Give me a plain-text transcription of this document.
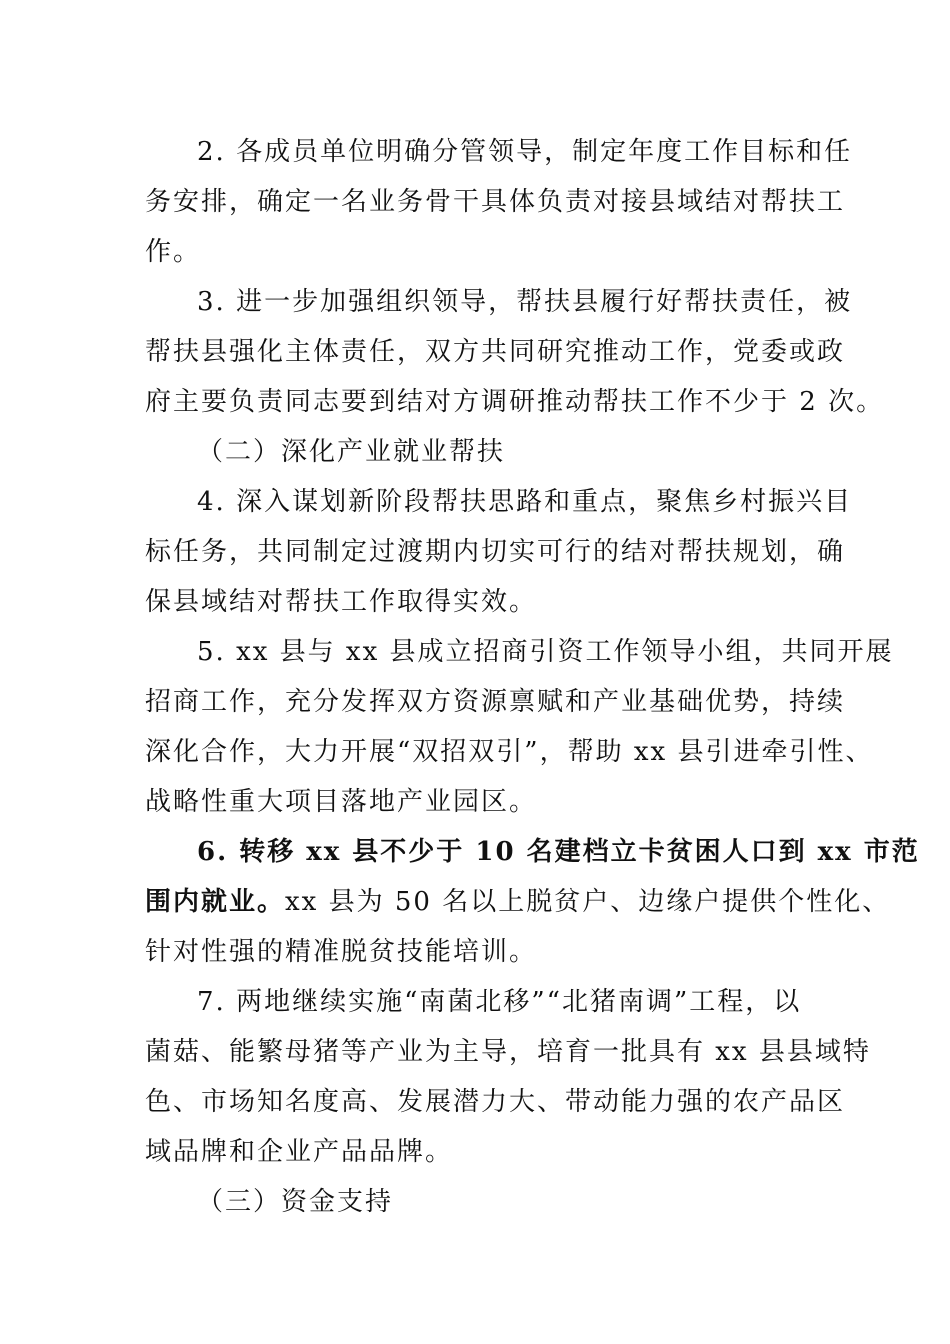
2. 各成员单位明确分管领导，制定年度工作目标和任
务安排，确定一名业务骨干具体负责对接县域结对帮扶工
作。
3. 进一步加强组织领导，帮扶县履行好帮扶责任，被
帮扶县强化主体责任，双方共同研究推动工作，党委或政
府主要负责同志要到结对方调研推动帮扶工作不少于 2 次。
（二）深化产业就业帮扶
4. 深入谋划新阶段帮扶思路和重点，聚焦乡村振兴目
标任务，共同制定过渡期内切实可行的结对帮扶规划，确
保县域结对帮扶工作取得实效。
5. xx 县与 xx 县成立招商引资工作领导小组，共同开展
招商工作，充分发挥双方资源禀赋和产业基础优势，持续
深化合作，大力开展“双招双引”，帮助 xx 县引进牵引性、
战略性重大项目落地产业园区。
6. 转移 xx 县不少于 10 名建档立卡贫困人口到 xx 市范
围内就业。xx 县为 50 名以上脱贫户、边缘户提供个性化、
针对性强的精准脱贫技能培训。
7. 两地继续实施“南菌北移”“北猪南调”工程，以
菌菇、能繁母猪等产业为主导，培育一批具有 xx 县县域特
色、市场知名度高、发展潜力大、带动能力强的农产品区
域品牌和企业产品品牌。
（三）资金支持
